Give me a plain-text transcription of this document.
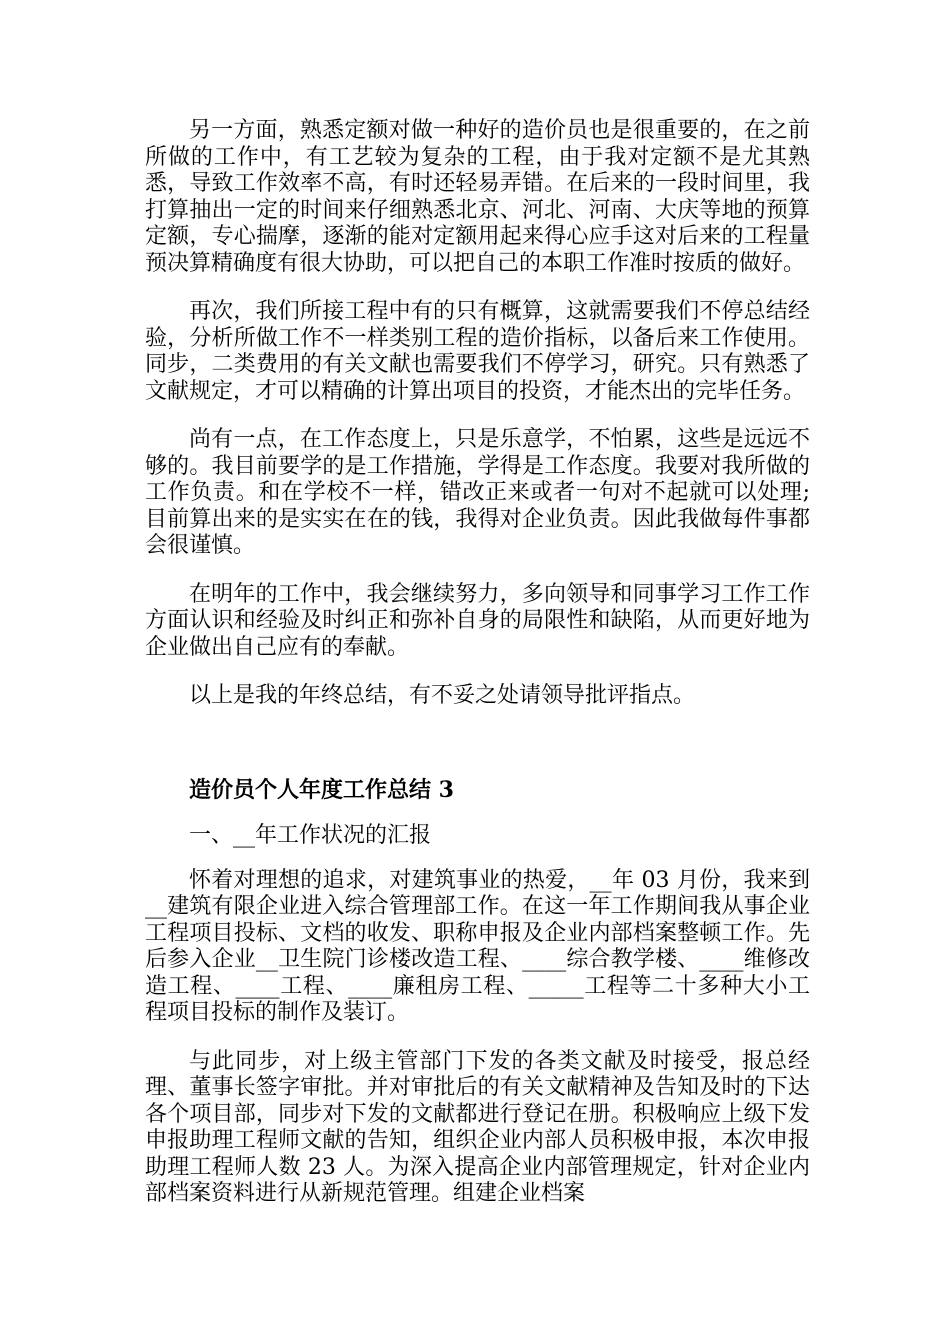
另一方面，熟悉定额对做一种好的造价员也是很重要的，在之前所做的工作中，有工艺较为复杂的工程，由于我对定额不是尤其熟悉，导致工作效率不高，有时还轻易弄错。在后来的一段时间里，我打算抽出一定的时间来仔细熟悉北京、河北、河南、大庆等地的预算定额，专心揣摩，逐渐的能对定额用起来得心应手这对后来的工程量预决算精确度有很大协助，可以把自己的本职工作准时按质的做好。

再次，我们所接工程中有的只有概算，这就需要我们不停总结经验，分析所做工作不一样类别工程的造价指标，以备后来工作使用。同步，二类费用的有关文献也需要我们不停学习，研究。只有熟悉了文献规定，才可以精确的计算出项目的投资，才能杰出的完毕任务。

尚有一点，在工作态度上，只是乐意学，不怕累，这些是远远不够的。我目前要学的是工作措施，学得是工作态度。我要对我所做的工作负责。和在学校不一样，错改正来或者一句对不起就可以处理;目前算出来的是实实在在的钱，我得对企业负责。因此我做每件事都会很谨慎。

在明年的工作中，我会继续努力，多向领导和同事学习工作工作方面认识和经验及时纠正和弥补自身的局限性和缺陷，从而更好地为企业做出自己应有的奉献。

以上是我的年终总结，有不妥之处请领导批评指点。

造价员个人年度工作总结 3

一、__年工作状况的汇报

怀着对理想的追求，对建筑事业的热爱，__年 03 月份，我来到__建筑有限企业进入综合管理部工作。在这一年工作期间我从事企业工程项目投标、文档的收发、职称申报及企业内部档案整顿工作。先后参入企业__卫生院门诊楼改造工程、____综合教学楼、____维修改造工程、____工程、____廉租房工程、_____工程等二十多种大小工程项目投标的制作及装订。

与此同步，对上级主管部门下发的各类文献及时接受，报总经理、董事长签字审批。并对审批后的有关文献精神及告知及时的下达各个项目部，同步对下发的文献都进行登记在册。积极响应上级下发申报助理工程师文献的告知，组织企业内部人员积极申报，本次申报助理工程师人数 23 人。为深入提高企业内部管理规定，针对企业内部档案资料进行从新规范管理。组建企业档案
